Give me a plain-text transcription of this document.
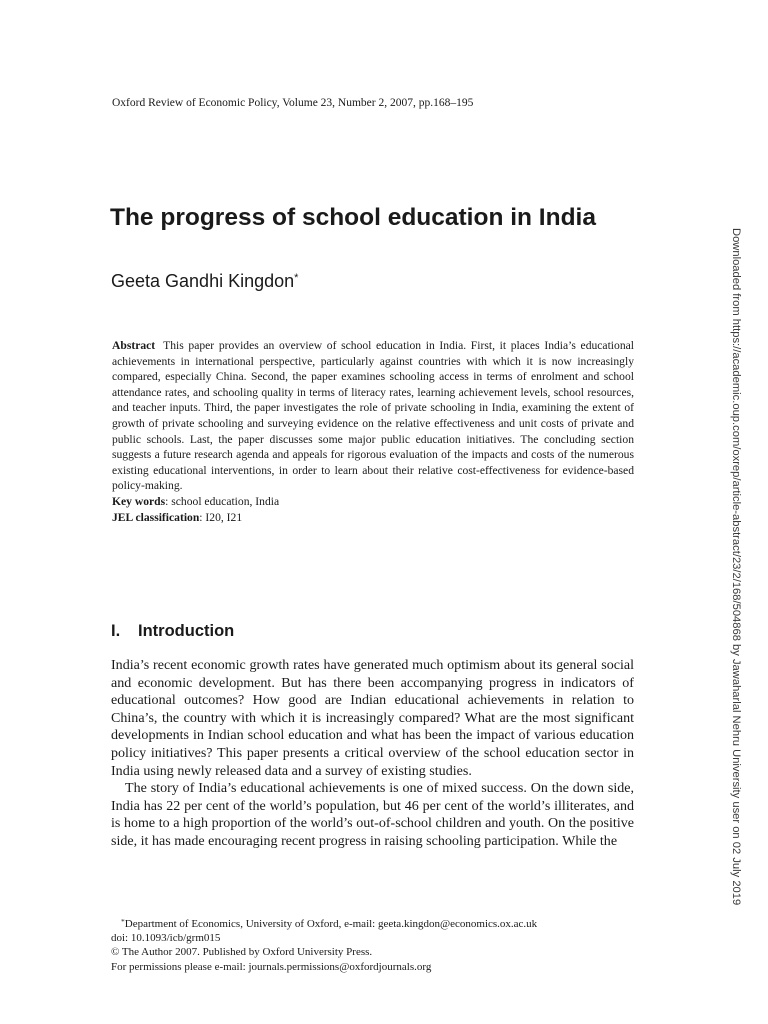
Oxford Review of Economic Policy, Volume 23, Number 2, 2007, pp.168–195
The progress of school education in India
Geeta Gandhi Kingdon*

Abstract This paper provides an overview of school education in India. First, it places India’s educational achievements in international perspective, particularly against countries with which it is now increasingly compared, especially China. Second, the paper examines schooling access in terms of enrolment and school attendance rates, and schooling quality in terms of literacy rates, learning achievement levels, school resources, and teacher inputs. Third, the paper investigates the role of private schooling in India, examining the extent of growth of private schooling and surveying evidence on the relative effectiveness and unit costs of private and public schools. Last, the paper discusses some major public education initiatives. The concluding section suggests a future research agenda and appeals for rigorous evaluation of the impacts and costs of the numerous existing educational interventions, in order to learn about their relative cost-effectiveness for evidence-based policy-making.

Key words: school education, India

JEL classification: I20, I21

I. Introduction

India’s recent economic growth rates have generated much optimism about its general social and economic development. But has there been accompanying progress in indicators of educational outcomes? How good are Indian educational achievements in relation to China’s, the country with which it is increasingly compared? What are the most significant developments in Indian school education and what has been the impact of various education policy initiatives? This paper presents a critical overview of the school education sector in India using newly released data and a survey of existing studies.

The story of India’s educational achievements is one of mixed success. On the down side, India has 22 per cent of the world’s population, but 46 per cent of the world’s illiterates, and is home to a high proportion of the world’s out-of-school children and youth. On the positive side, it has made encouraging recent progress in raising schooling participation. While the

*Department of Economics, University of Oxford, e-mail: geeta.kingdon@economics.ox.ac.uk
doi: 10.1093/icb/grm015
© The Author 2007. Published by Oxford University Press.
For permissions please e-mail: journals.permissions@oxfordjournals.org
Downloaded from https://academic.oup.com/oxrep/article-abstract/23/2/168/504868 by Jawaharlal Nehru University user on 02 July 2019
